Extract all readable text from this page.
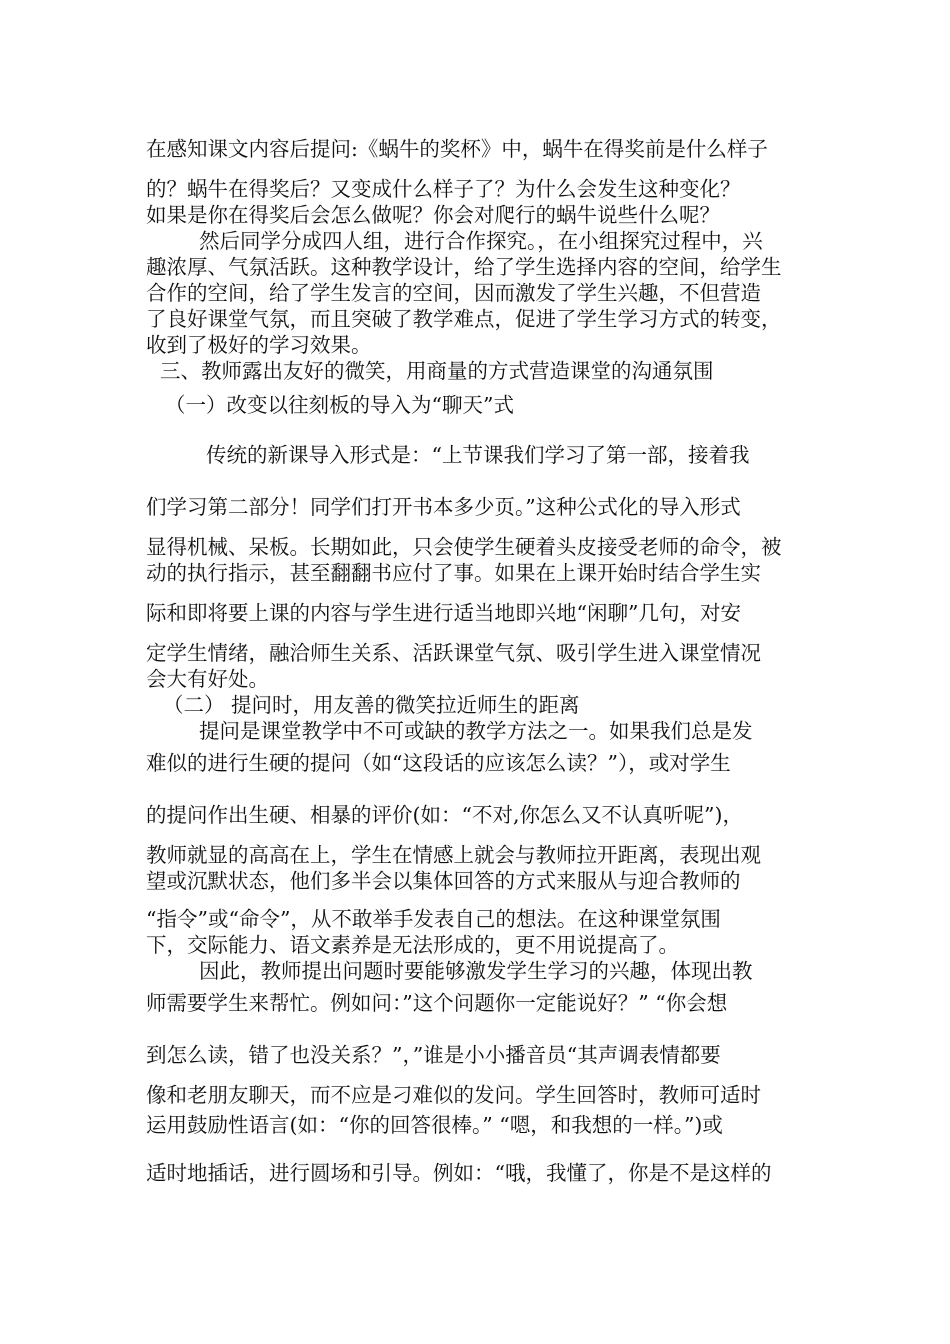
在感知课文内容后提问:《蜗牛的奖杯》中，蜗牛在得奖前是什么样子

的？蜗牛在得奖后？又变成什么样子了？为什么会发生这种变化？

如果是你在得奖后会怎么做呢？你会对爬行的蜗牛说些什么呢？

然后同学分成四人组，进行合作探究。，在小组探究过程中，兴

趣浓厚、气氛活跃。这种教学设计，给了学生选择内容的空间，给学生

合作的空间，给了学生发言的空间，因而激发了学生兴趣，不但营造

了良好课堂气氛，而且突破了教学难点，促进了学生学习方式的转变，

收到了极好的学习效果。

三、教师露出友好的微笑，用商量的方式营造课堂的沟通氛围

（一）改变以往刻板的导入为“聊天”式

传统的新课导入形式是：“上节课我们学习了第一部，接着我

们学习第二部分！同学们打开书本多少页。”这种公式化的导入形式

显得机械、呆板。长期如此，只会使学生硬着头皮接受老师的命令，被

动的执行指示，甚至翻翻书应付了事。如果在上课开始时结合学生实

际和即将要上课的内容与学生进行适当地即兴地“闲聊”几句，对安

定学生情绪，融洽师生关系、活跃课堂气氛、吸引学生进入课堂情况

会大有好处。

（二） 提问时，用友善的微笑拉近师生的距离

提问是课堂教学中不可或缺的教学方法之一。如果我们总是发

难似的进行生硬的提问（如“这段话的应该怎么读？”），或对学生

的提问作出生硬、相暴的评价(如：“不对,你怎么又不认真听呢”)，

教师就显的高高在上，学生在情感上就会与教师拉开距离，表现出观

望或沉默状态，他们多半会以集体回答的方式来服从与迎合教师的

“指令”或“命令”，从不敢举手发表自己的想法。在这种课堂氛围

下，交际能力、语文素养是无法形成的，更不用说提高了。

因此，教师提出问题时要能够激发学生学习的兴趣，体现出教

师需要学生来帮忙。例如问：”这个问题你一定能说好？” “你会想

到怎么读，错了也没关系？”，”谁是小小播音员“其声调表情都要

像和老朋友聊天，而不应是刁难似的发问。学生回答时，教师可适时

运用鼓励性语言(如：“你的回答很棒。” “嗯，和我想的一样。”)或

适时地插话，进行圆场和引导。例如：“哦，我懂了，你是不是这样的
